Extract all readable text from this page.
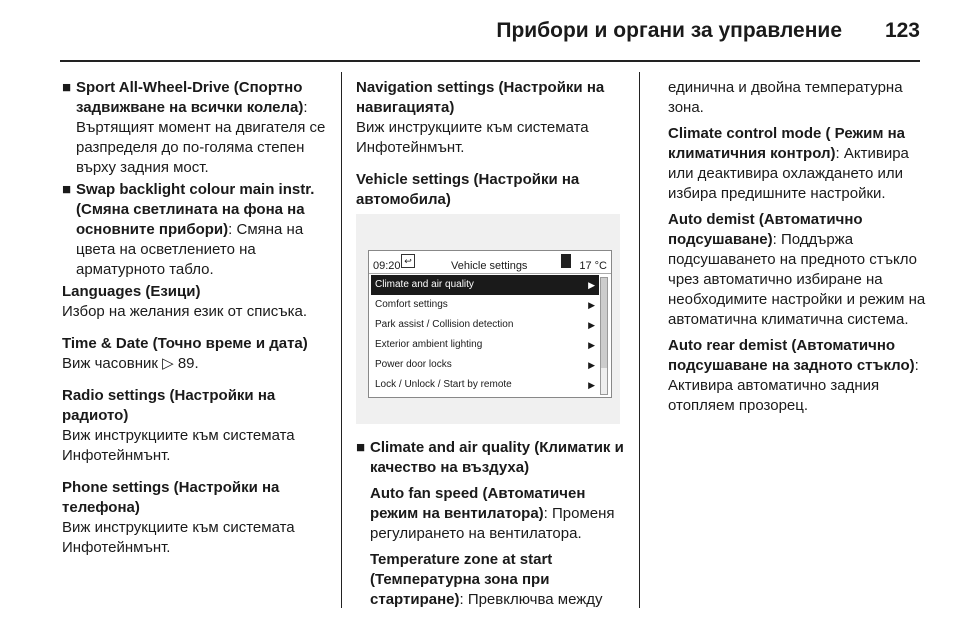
Прибори и органи за управление 123
■ Sport All-Wheel-Drive (Спортно задвижване на всички колела): Въртящият момент на двигателя се разпределя до по-голяма степен върху задния мост.
■ Swap backlight colour main instr. (Смяна светлината на фона на основните прибори): Смяна на цвета на осветлението на арматурното табло.
Languages (Езици)
Избор на желания език от списъка.
Time & Date (Точно време и дата)
Виж часовник ▷ 89.
Radio settings (Настройки на радиото)
Виж инструкциите към системата Инфотейнмънт.
Phone settings (Настройки на телефона)
Виж инструкциите към системата Инфотейнмънт.
Navigation settings (Настройки на навигацията)
Виж инструкциите към системата Инфотейнмънт.
Vehicle settings (Настройки на автомобила)
09:20 ↩	Vehicle settings	17 °C
Climate and air quality	▶
Comfort settings	▶
Park assist / Collision detection	▶
Exterior ambient lighting	▶
Power door locks	▶
Lock / Unlock / Start by remote	▶
■ Climate and air quality (Климатик и качество на въздуха)
Auto fan speed (Автоматичен режим на вентилатора): Променя регулирането на вентилатора.
Temperature zone at start (Температурна зона при стартиране): Превключва между
единична и двойна температурна зона.
Climate control mode ( Режим на климатичния контрол): Активира или деактивира охлаждането или избира предишните настройки.
Auto demist (Автоматично подсушаване): Поддържа подсушаването на предното стъкло чрез автоматично избиране на необходимите настройки и режим на автоматична климатична система.
Auto rear demist (Автоматично подсушаване на задното стъкло): Активира автоматично задния отопляем прозорец.
